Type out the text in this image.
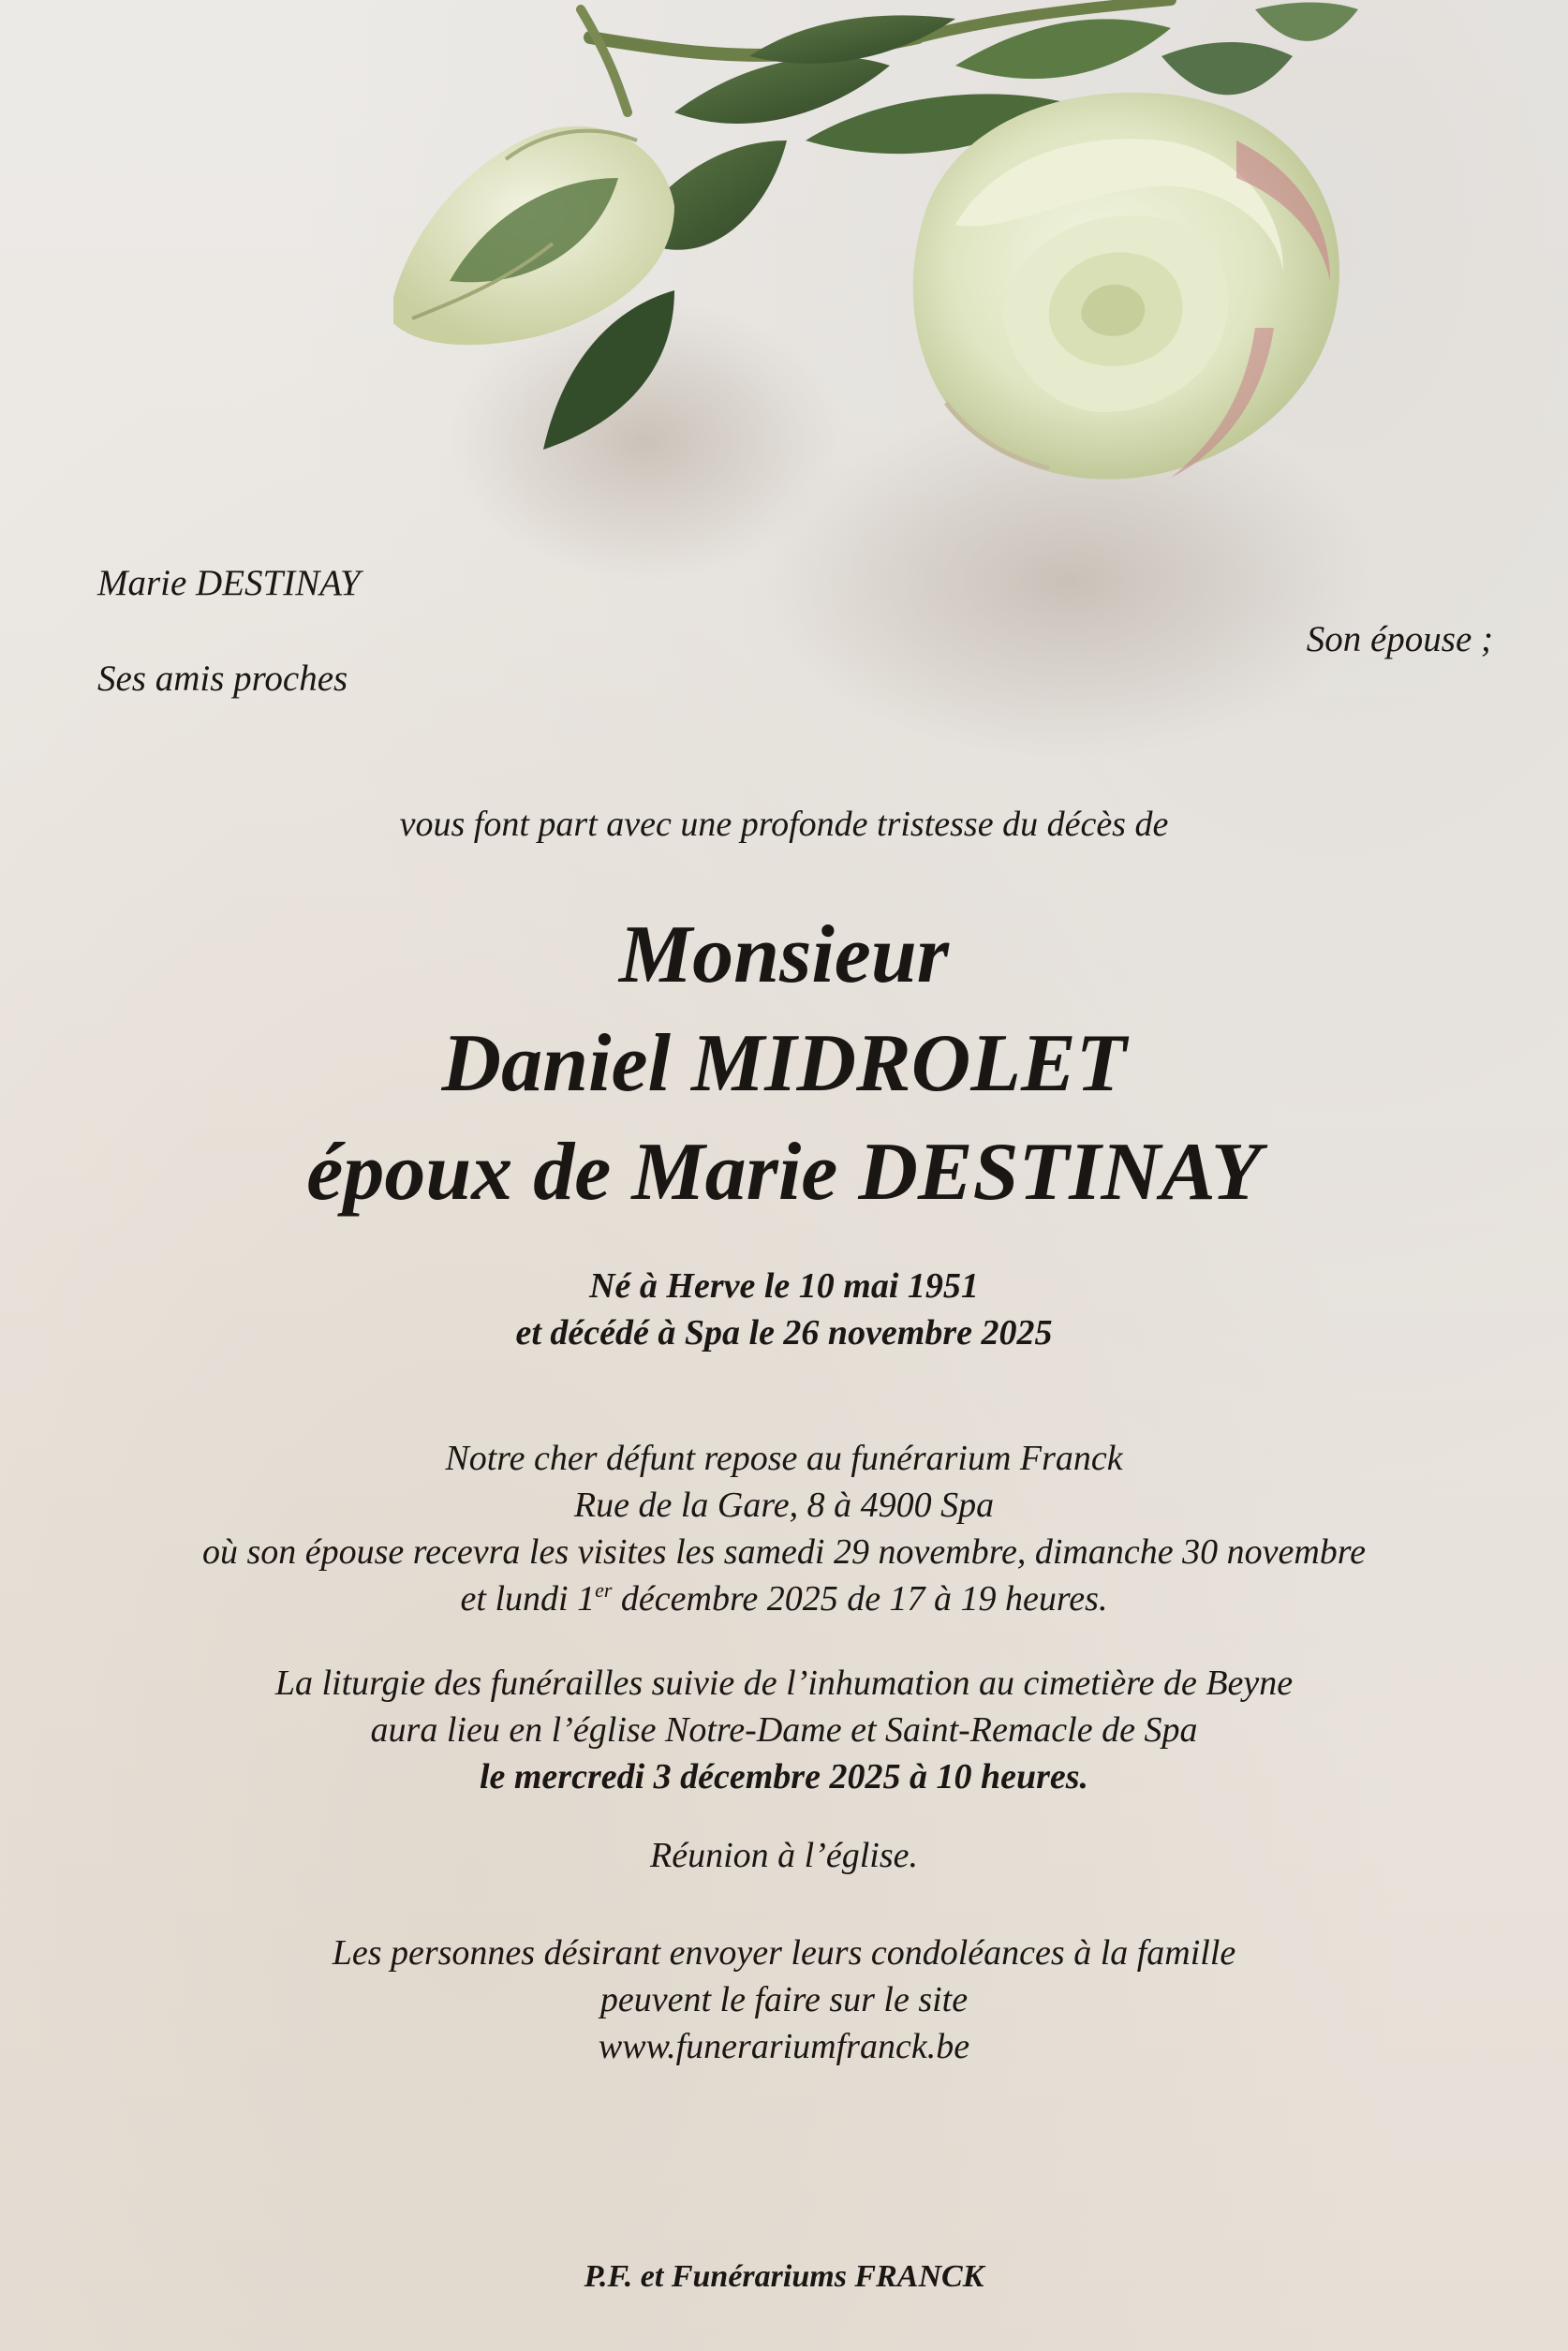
Marie DESTINAY
Son épouse ;
Ses amis proches
vous font part avec une profonde tristesse du décès de
Monsieur
Daniel MIDROLET
époux de Marie DESTINAY
Né à Herve le 10 mai 1951
et décédé à Spa le 26 novembre 2025
Notre cher défunt repose au funérarium Franck
Rue de la Gare, 8 à 4900 Spa
où son épouse recevra les visites les samedi 29 novembre, dimanche 30 novembre
et lundi 1er décembre 2025 de 17 à 19 heures.
La liturgie des funérailles suivie de l’inhumation au cimetière de Beyne
aura lieu en l’église Notre-Dame et Saint-Remacle de Spa
le mercredi 3 décembre 2025 à 10 heures.
Réunion à l’église.
Les personnes désirant envoyer leurs condoléances à la famille
peuvent le faire sur le site
www.funerariumfranck.be
P.F. et Funérariums FRANCK
